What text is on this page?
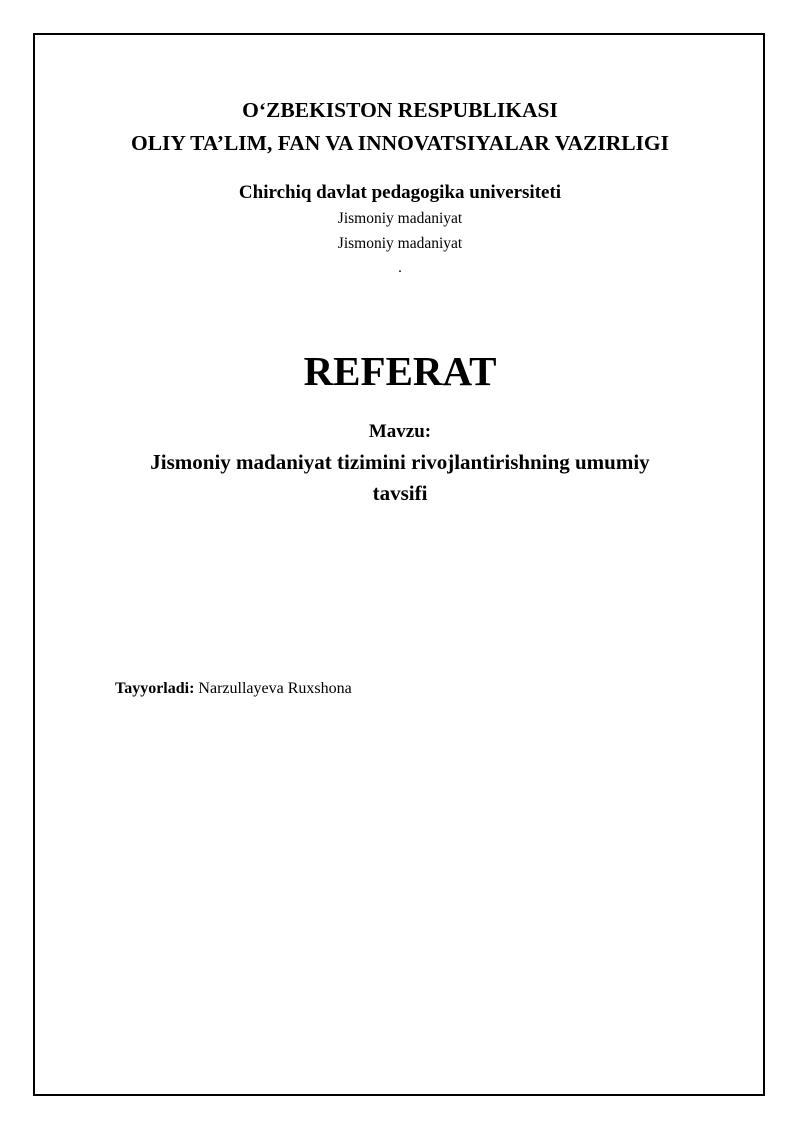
O‘ZBEKISTON RESPUBLIKASI

OLIY TA’LIM, FAN VA INNOVATSIYALAR VAZIRLIGI

Chirchiq davlat pedagogika universiteti

Jismoniy madaniyat

Jismoniy madaniyat

.

REFERAT

Mavzu:

Jismoniy madaniyat tizimini rivojlantirishning umumiy

tavsifi

Tayyorladi: Narzullayeva Ruxshona
